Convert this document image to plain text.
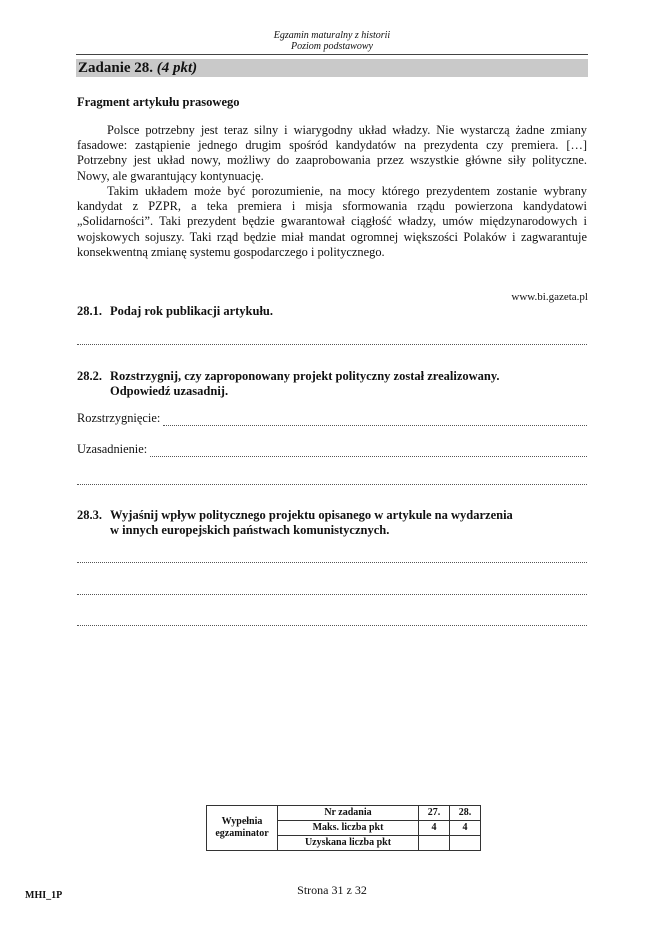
Egzamin maturalny z historii
Poziom podstawowy
Zadanie 28. (4 pkt)
Fragment artykułu prasowego
Polsce potrzebny jest teraz silny i wiarygodny układ władzy. Nie wystarczą żadne zmiany fasadowe: zastąpienie jednego drugim spośród kandydatów na prezydenta czy premiera. […] Potrzebny jest układ nowy, możliwy do zaaprobowania przez wszystkie główne siły polityczne. Nowy, ale gwarantujący kontynuację.
Takim układem może być porozumienie, na mocy którego prezydentem zostanie wybrany kandydat z PZPR, a teka premiera i misja sformowania rządu powierzona kandydatowi „Solidarności”. Taki prezydent będzie gwarantował ciągłość władzy, umów międzynarodowych i wojskowych sojuszy. Taki rząd będzie miał mandat ogromnej większości Polaków i zagwarantuje konsekwentną zmianę systemu gospodarczego i politycznego.
www.bi.gazeta.pl
28.1. Podaj rok publikacji artykułu.
28.2. Rozstrzygnij, czy zaproponowany projekt polityczny został zrealizowany.
Odpowiedź uzasadnij.
Rozstrzygnięcie:
Uzasadnienie:
28.3. Wyjaśnij wpływ politycznego projektu opisanego w artykule na wydarzenia
w innych europejskich państwach komunistycznych.
Wypełnia egzaminator	Nr zadania	27.	28.
	Maks. liczba pkt	4	4
	Uzyskana liczba pkt		
Strona 31 z 32
MHI_1P
